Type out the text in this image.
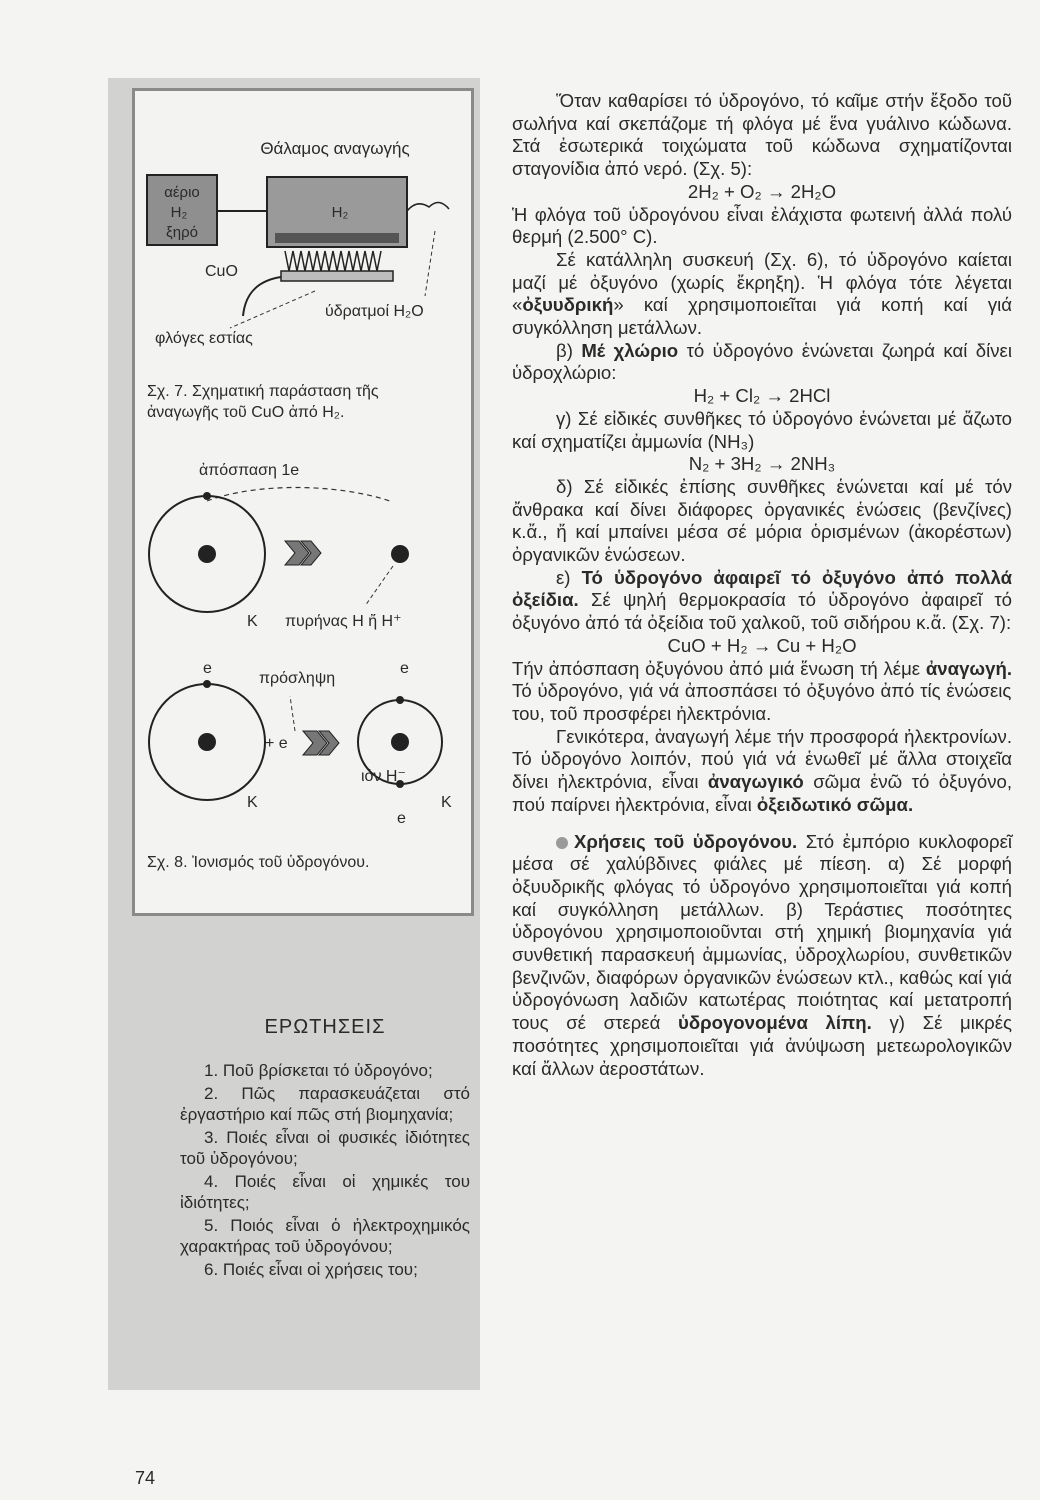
Θάλαμος αναγωγής
αέριο
H₂
ξηρό
H₂
CuO
φλόγες εστίας
ύδρατμοί H₂O
Σχ. 7. Σχηματική παράσταση τῆς
ἀναγωγῆς τοῦ CuO ἀπό H₂.
ἀπόσπαση 1e
K πυρήνας H ἤ H⁺
e
πρόσληψη
e
K
+ e
ιόν H⁻
K
e
Σχ. 8. Ἰονισμός τοῦ ὑδρογόνου.
ΕΡΩΤΗΣΕΙΣ

1. Ποῦ βρίσκεται τό ὑδρογόνο;

2. Πῶς παρασκευάζεται στό ἐργαστήριο καί πῶς στή βιομηχανία;

3. Ποιές εἶναι οἱ φυσικές ἰδιότητες τοῦ ὑδρογόνου;

4. Ποιές εἶναι οἱ χημικές του ἰδιότητες;

5. Ποιός εἶναι ὁ ἠλεκτροχημικός χαρακτήρας τοῦ ὑδρογόνου;

6. Ποιές εἶναι οἱ χρήσεις του;

Ὅταν καθαρίσει τό ὑδρογόνο, τό καῖμε στήν ἔξοδο τοῦ σωλήνα καί σκεπάζομε τή φλόγα μέ ἕνα γυάλινο κώδωνα. Στά ἐσωτερικά τοιχώματα τοῦ κώδωνα σχηματίζονται σταγονίδια ἀπό νερό. (Σχ. 5):

2H₂ + O₂ → 2H₂O

Ἡ φλόγα τοῦ ὑδρογόνου εἶναι ἐλάχιστα φωτεινή ἀλλά πολύ θερμή (2.500° C).

Σέ κατάλληλη συσκευή (Σχ. 6), τό ὑδρογόνο καίεται μαζί μέ ὀξυγόνο (χωρίς ἔκρηξη). Ἡ φλόγα τότε λέγεται «ὀξυυδρική» καί χρησιμοποιεῖται γιά κοπή καί γιά συγκόλληση μετάλλων.

β) Μέ χλώριο τό ὑδρογόνο ἑνώνεται ζωηρά καί δίνει ὑδροχλώριο:

H₂ + Cl₂ → 2HCl

γ) Σέ εἰδικές συνθῆκες τό ὑδρογόνο ἑνώνεται μέ ἄζωτο καί σχηματίζει ἀμμωνία (NH₃)

N₂ + 3H₂ → 2NH₃

δ) Σέ εἰδικές ἐπίσης συνθῆκες ἑνώνεται καί μέ τόν ἄνθρακα καί δίνει διάφορες ὀργανικές ἑνώσεις (βενζίνες) κ.ἄ., ἤ καί μπαίνει μέσα σέ μόρια ὁρισμένων (ἀκορέστων) ὀργανικῶν ἑνώσεων.

ε) Τό ὑδρογόνο ἀφαιρεῖ τό ὀξυγόνο ἀπό πολλά ὀξείδια. Σέ ψηλή θερμοκρασία τό ὑδρογόνο ἀφαιρεῖ τό ὀξυγόνο ἀπό τά ὀξείδια τοῦ χαλκοῦ, τοῦ σιδήρου κ.ἄ. (Σχ. 7):

CuO + H₂ → Cu + H₂O

Τήν ἀπόσπαση ὀξυγόνου ἀπό μιά ἕνωση τή λέμε ἀναγωγή. Τό ὑδρογόνο, γιά νά ἀποσπάσει τό ὀξυγόνο ἀπό τίς ἑνώσεις του, τοῦ προσφέρει ἠλεκτρόνια.

Γενικότερα, ἀναγωγή λέμε τήν προσφορά ἠλεκτρονίων. Τό ὑδρογόνο λοιπόν, πού γιά νά ἑνωθεῖ μέ ἄλλα στοιχεῖα δίνει ἠλεκτρόνια, εἶναι ἀναγωγικό σῶμα ἐνῶ τό ὀξυγόνο, πού παίρνει ἠλεκτρόνια, εἶναι ὀξειδωτικό σῶμα.

Χρήσεις τοῦ ὑδρογόνου. Στό ἐμπόριο κυκλοφορεῖ μέσα σέ χαλύβδινες φιάλες μέ πίεση. α) Σέ μορφή ὀξυυδρικῆς φλόγας τό ὑδρογόνο χρησιμοποιεῖται γιά κοπή καί συγκόλληση μετάλλων. β) Τεράστιες ποσότητες ὑδρογόνου χρησιμοποιοῦνται στή χημική βιομηχανία γιά συνθετική παρασκευή ἀμμωνίας, ὑδροχλωρίου, συνθετικῶν βενζινῶν, διαφόρων ὀργανικῶν ἑνώσεων κτλ., καθώς καί γιά ὑδρογόνωση λαδιῶν κατωτέρας ποιότητας καί μετατροπή τους σέ στερεά ὑδρογονομένα λίπη. γ) Σέ μικρές ποσότητες χρησιμοποιεῖται γιά ἀνύψωση μετεωρολογικῶν καί ἄλλων ἀεροστάτων.

74
